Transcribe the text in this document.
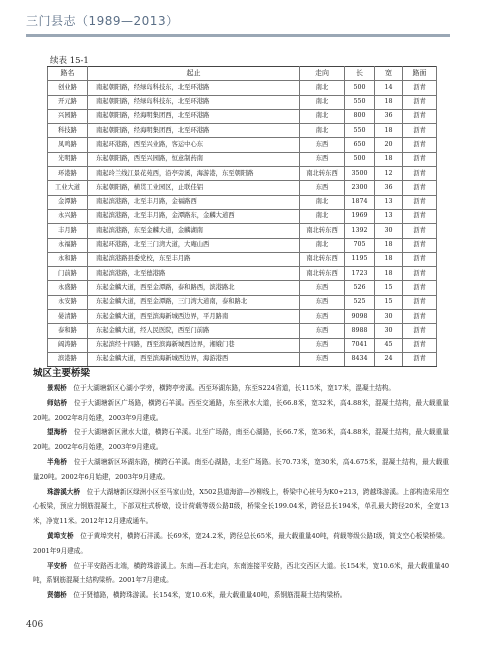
三门县志（1989—2013）
续表 15-1
路名	起止	走向	长	宽	路面
创业路	南起朝阳路，经绿岛科技东，北至环港路	南北	500	14	沥青
开元路	南起朝阳路，经绿岛科技东，北至环港路	南北	550	18	沥青
兴园路	南起朝阳路，经海明集团西，北至环港路	南北	800	36	沥青
科技路	南起朝阳路，经海明集团西，北至环港路	南北	550	18	沥青
凤鸣路	南起环港路，西至兴业路，客运中心东	东西	650	20	沥青
光明路	东起朝阳路，西至兴园路，恒意制药南	东西	500	18	沥青
环港路	南起玲兰线江景花苑西，沿亭旁溪，海游港，东至朝阳路	南北转东西	3500	12	沥青
工业大道	东起朝阳路，横贯工业园区，止联佳铝	东西	2300	36	沥青
金潭路	南起滨港路，北至丰月路，金福路西	南北	1874	13	沥青
永兴路	南起滨港路，北至丰月路，金潭路东，金麟大道西	南北	1969	13	沥青
丰月路	南起滨港路，东至金麟大道，金麟湖南	南北转东西	1392	30	沥青
永福路	南起环港路，北至三门湾大道，大庵山西	南北	705	18	沥青
永和路	南起滨港路县委党校，东至丰月路	南北转东西	1195	18	沥青
门前路	南起滨港路，北至德港路	南北转东西	1723	18	沥青
永盛路	东起金麟大道，西至金潭路，泰和路西，滨港路北	东西	526	15	沥青
永安路	东起金麟大道，西至金潭路，三门湾大道南，泰和路北	东西	525	15	沥青
晏清路	东起金麟大道，西至滨海新城西边界，平月路南	东西	9098	30	沥青
泰和路	东起金麟大道，经人民医院，西至门前路	东西	8988	30	沥青
阔涛路	东起滨经十四路，西至滨海新城西边界，湘娥门巷	东西	7041	45	沥青
滨港路	东起金麟大道，西至滨海新城西边界，海游港西	东西	8434	24	沥青
城区主要桥梁

景观桥  位于大湖塘新区心湖小学旁，横跨亭旁溪。西至环湖东路，东至S224省道，长115米，宽17米，混凝土结构。

师姑桥  位于大湖塘新区广场路，横跨石羊溪。西至交通路，东至湫水大道，长66.8米，宽32米，高4.88米，混凝土结构，最大载重量20吨。2002年8月始建，2003年9月建成。

望海桥  位于大湖塘新区湫水大道，横跨石羊溪。北至广场路，南至心湖路，长66.7米，宽36米，高4.88米，混凝土结构，最大载重量20吨。2002年6月始建，2003年9月建成。

半角桥  位于大湖塘新区环湖东路，横跨石羊溪。南至心湖路，北至广场路。长70.73米，宽30米，高4.675米，混凝土结构，最大载重量20吨。2002年6月始建，2003年9月建成。

珠游溪大桥  位于大湖塘新区绿洲小区至马家山处，X502县道海游—沙柳线上，桥梁中心桩号为K0+213，跨越珠游溪。上部构造采用空心板梁，预应力钢筋混凝土，下部双柱式桥墩，设计荷载等级公路Ⅱ级，桥梁全长199.04米，跨径总长194米，单孔最大跨径20米，全宽13米，净宽11米。2012年12月建成通车。

黄埠支桥  位于黄埠突村，横跨石洋溪。长69米，宽24.2米，跨径总长65米，最大载重量40吨，荷载等级公路Ⅰ级，简支空心板梁桥梁。2001年9月建成。

平安桥  位于平安路西北端，横跨珠游溪上。东南—西北走向，东南连接平安路，西北交西区大道。长154米，宽10.6米，最大载重量40吨，系钢筋混凝土结构梁桥。2001年7月建成。

贤德桥  位于贤德路，横跨珠游溪。长154米，宽10.6米，最大载重量40吨，系钢筋混凝土结构梁桥。

406
